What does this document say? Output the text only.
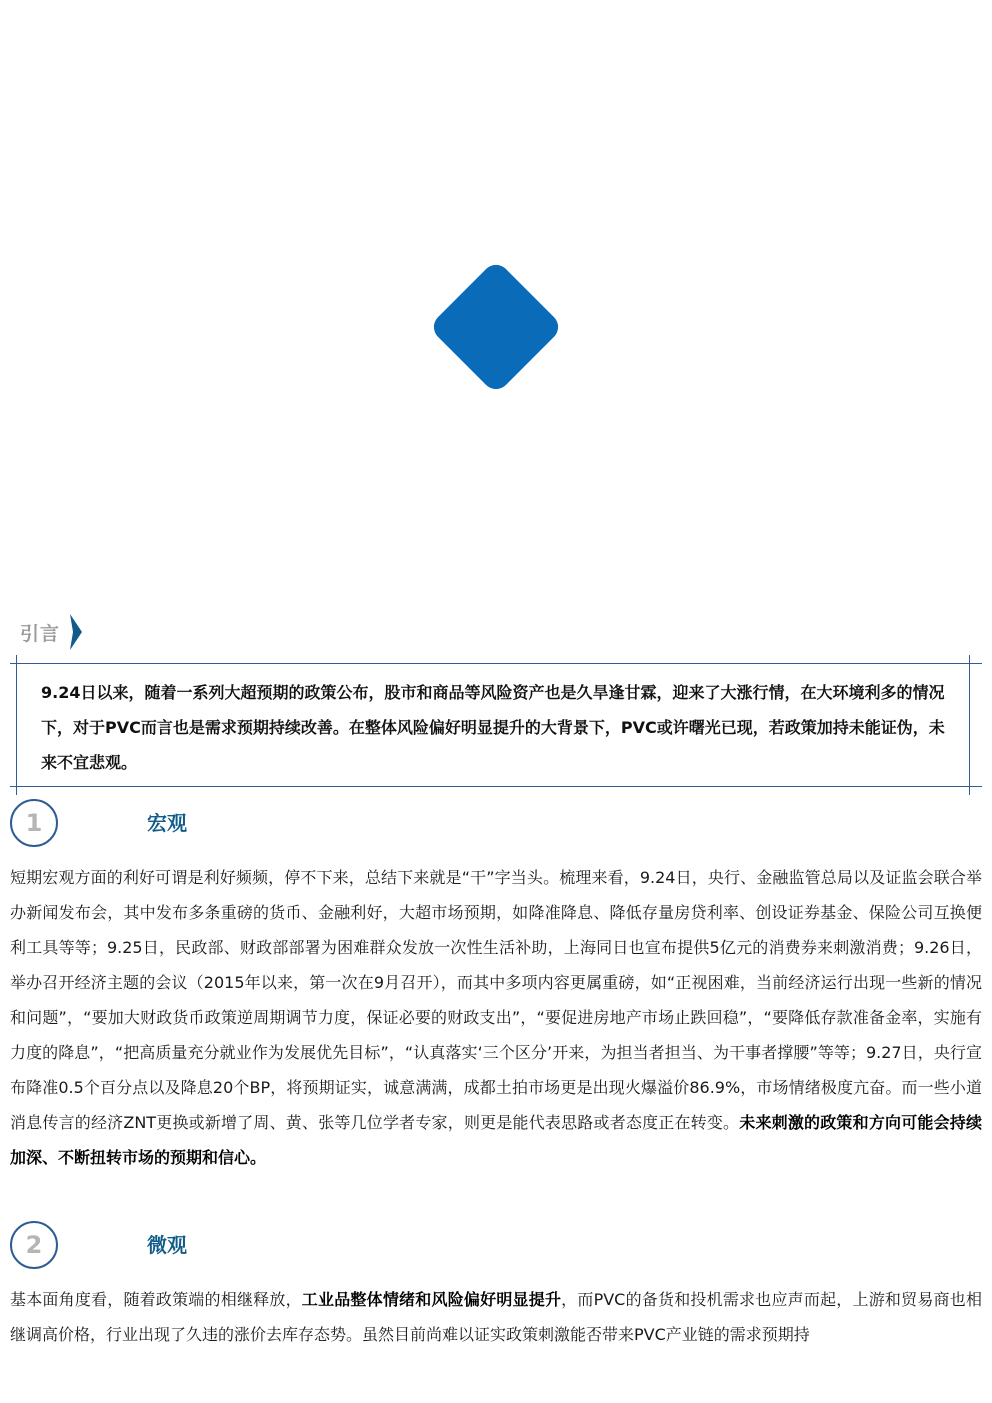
引言
9.24日以来，随着一系列大超预期的政策公布，股市和商品等风险资产也是久旱逢甘霖，迎来了大涨行情，在大环境利多的情况下，对于PVC而言也是需求预期持续改善。在整体风险偏好明显提升的大背景下，PVC或许曙光已现，若政策加持未能证伪，未来不宜悲观。
1	宏观
短期宏观方面的利好可谓是利好频频，停不下来，总结下来就是“干”字当头。梳理来看，9.24日，央行、金融监管总局以及证监会联合举办新闻发布会，其中发布多条重磅的货币、金融利好，大超市场预期，如降准降息、降低存量房贷利率、创设证券基金、保险公司互换便利工具等等；9.25日，民政部、财政部部署为困难群众发放一次性生活补助，上海同日也宣布提供5亿元的消费券来刺激消费；9.26日，举办召开经济主题的会议（2015年以来，第一次在9月召开），而其中多项内容更属重磅，如“正视困难，当前经济运行出现一些新的情况和问题”，“要加大财政货币政策逆周期调节力度，保证必要的财政支出”，“要促进房地产市场止跌回稳”，“要降低存款准备金率，实施有力度的降息”，“把高质量充分就业作为发展优先目标”，“认真落实‘三个区分’开来，为担当者担当、为干事者撑腰”等等；9.27日，央行宣布降准0.5个百分点以及降息20个BP，将预期证实，诚意满满，成都土拍市场更是出现火爆溢价86.9%，市场情绪极度亢奋。而一些小道消息传言的经济ZNT更换或新增了周、黄、张等几位学者专家，则更是能代表思路或者态度正在转变。未来刺激的政策和方向可能会持续加深、不断扭转市场的预期和信心。
2	微观
基本面角度看，随着政策端的相继释放，工业品整体情绪和风险偏好明显提升，而PVC的备货和投机需求也应声而起，上游和贸易商也相继调高价格，行业出现了久违的涨价去库存态势。虽然目前尚难以证实政策刺激能否带来PVC产业链的需求预期持
